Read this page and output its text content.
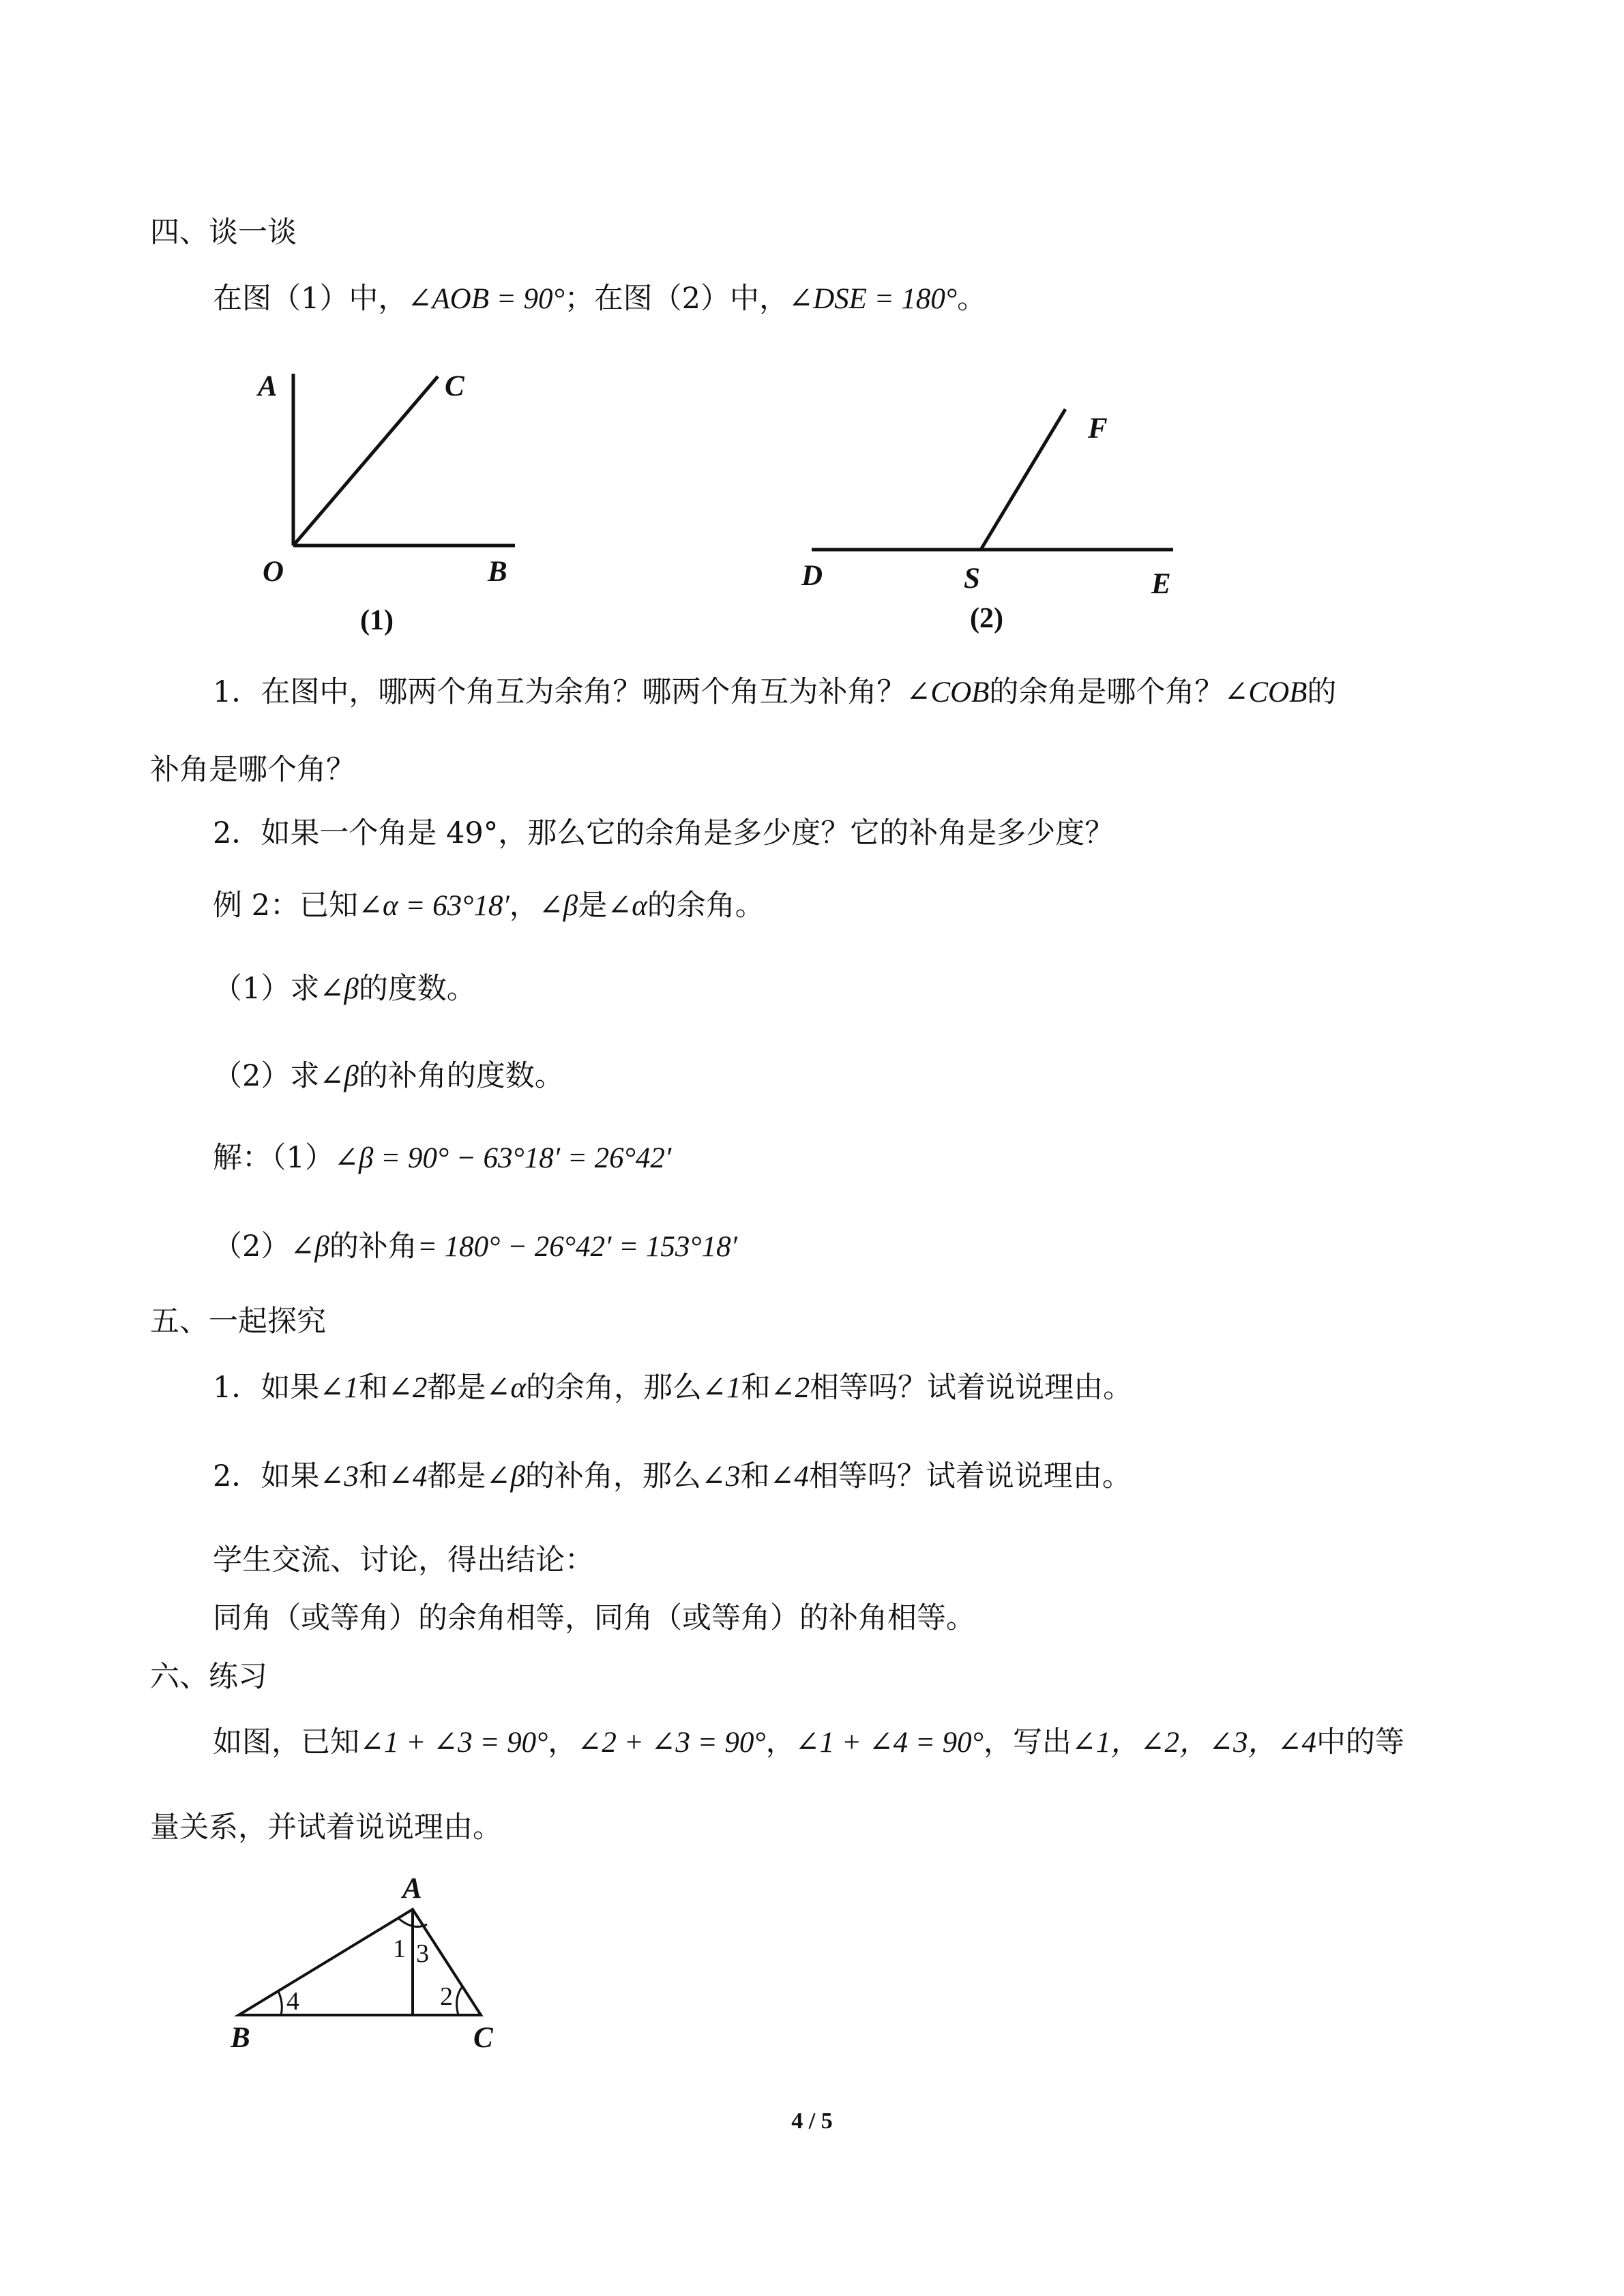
四、谈一谈
在图（1）中，∠AOB = 90°；在图（2）中，∠DSE = 180°。
A	C
O	B
(1)
F
D	S	E
(2)
1．在图中，哪两个角互为余角？哪两个角互为补角？∠COB的余角是哪个角？∠COB的
补角是哪个角？
2．如果一个角是 49°，那么它的余角是多少度？它的补角是多少度？
例 2：已知∠α = 63°18′，∠β是∠α的余角。
（1）求∠β的度数。
（2）求∠β的补角的度数。
解：（1）∠β = 90° − 63°18′ = 26°42′
（2）∠β的补角= 180° − 26°42′ = 153°18′
五、一起探究
1．如果∠1和∠2都是∠α的余角，那么∠1和∠2相等吗？试着说说理由。
2．如果∠3和∠4都是∠β的补角，那么∠3和∠4相等吗？试着说说理由。
学生交流、讨论，得出结论：
同角（或等角）的余角相等，同角（或等角）的补角相等。
六、练习
如图，已知∠1 + ∠3 = 90°，∠2 + ∠3 = 90°，∠1 + ∠4 = 90°，写出∠1，∠2，∠3，∠4中的等
量关系，并试着说说理由。
A
B	C
1 3
2
4
4 / 5
